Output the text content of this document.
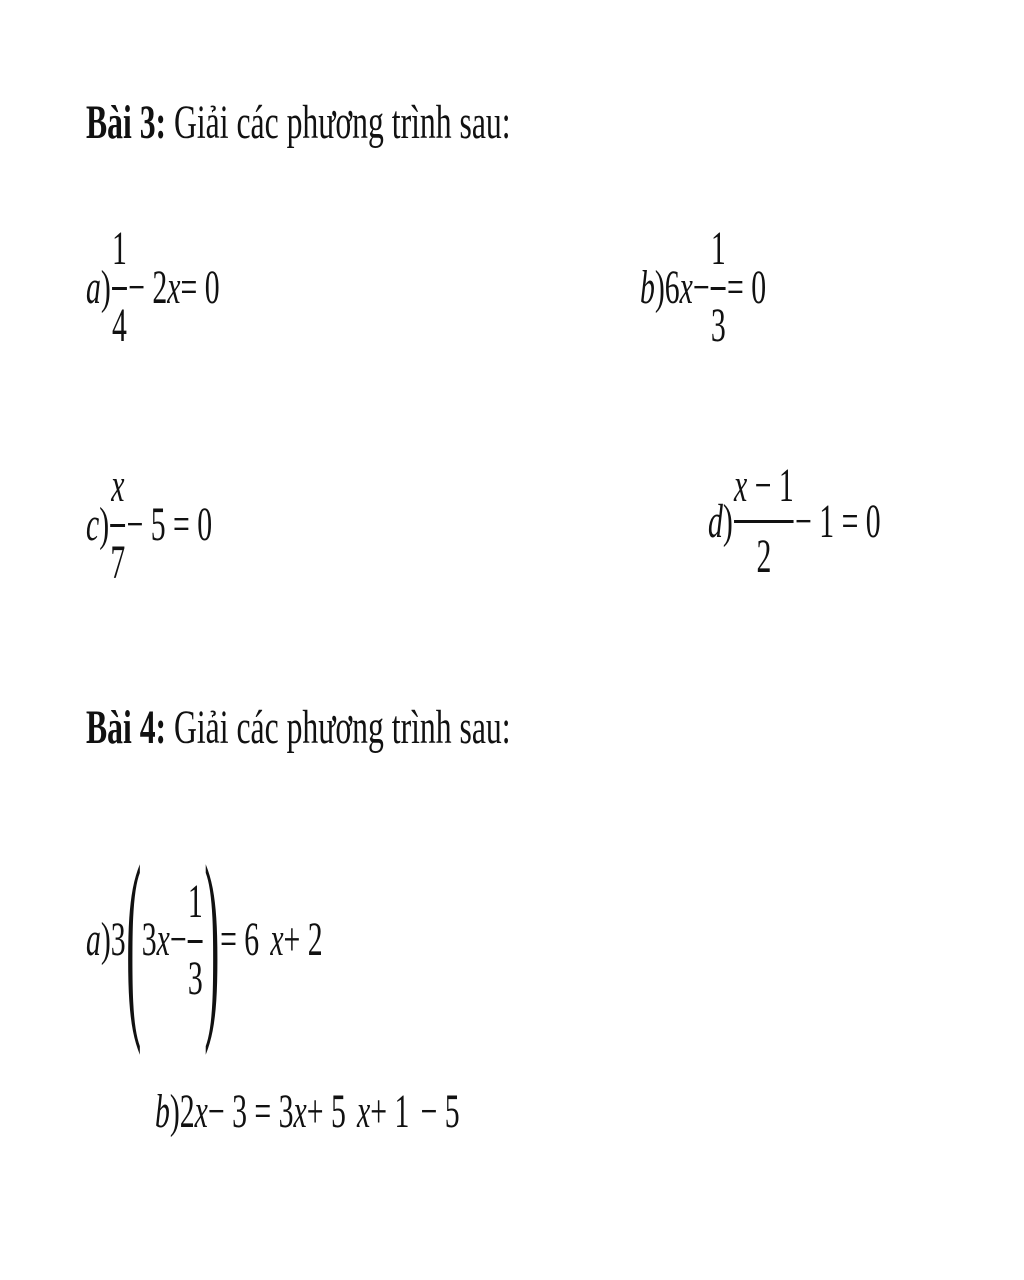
Bài 3: Giải các phương trình sau:
a ) $\frac{1}{4} - 2$ x = 0	b ) 6 $x - \frac{1}{3} = 0$
c ) $\frac{x}{7} - 5 = 0$	d ) $\frac{x - 1}{2} - 1 = 0$
Bài 4: Giải các phương trình sau:
a ) 3 ( 3 $x - \frac{1}{3}$ ) = 6 x + 2
b ) 2 x − 3 = 3 x + 5 x + 1 − 5
